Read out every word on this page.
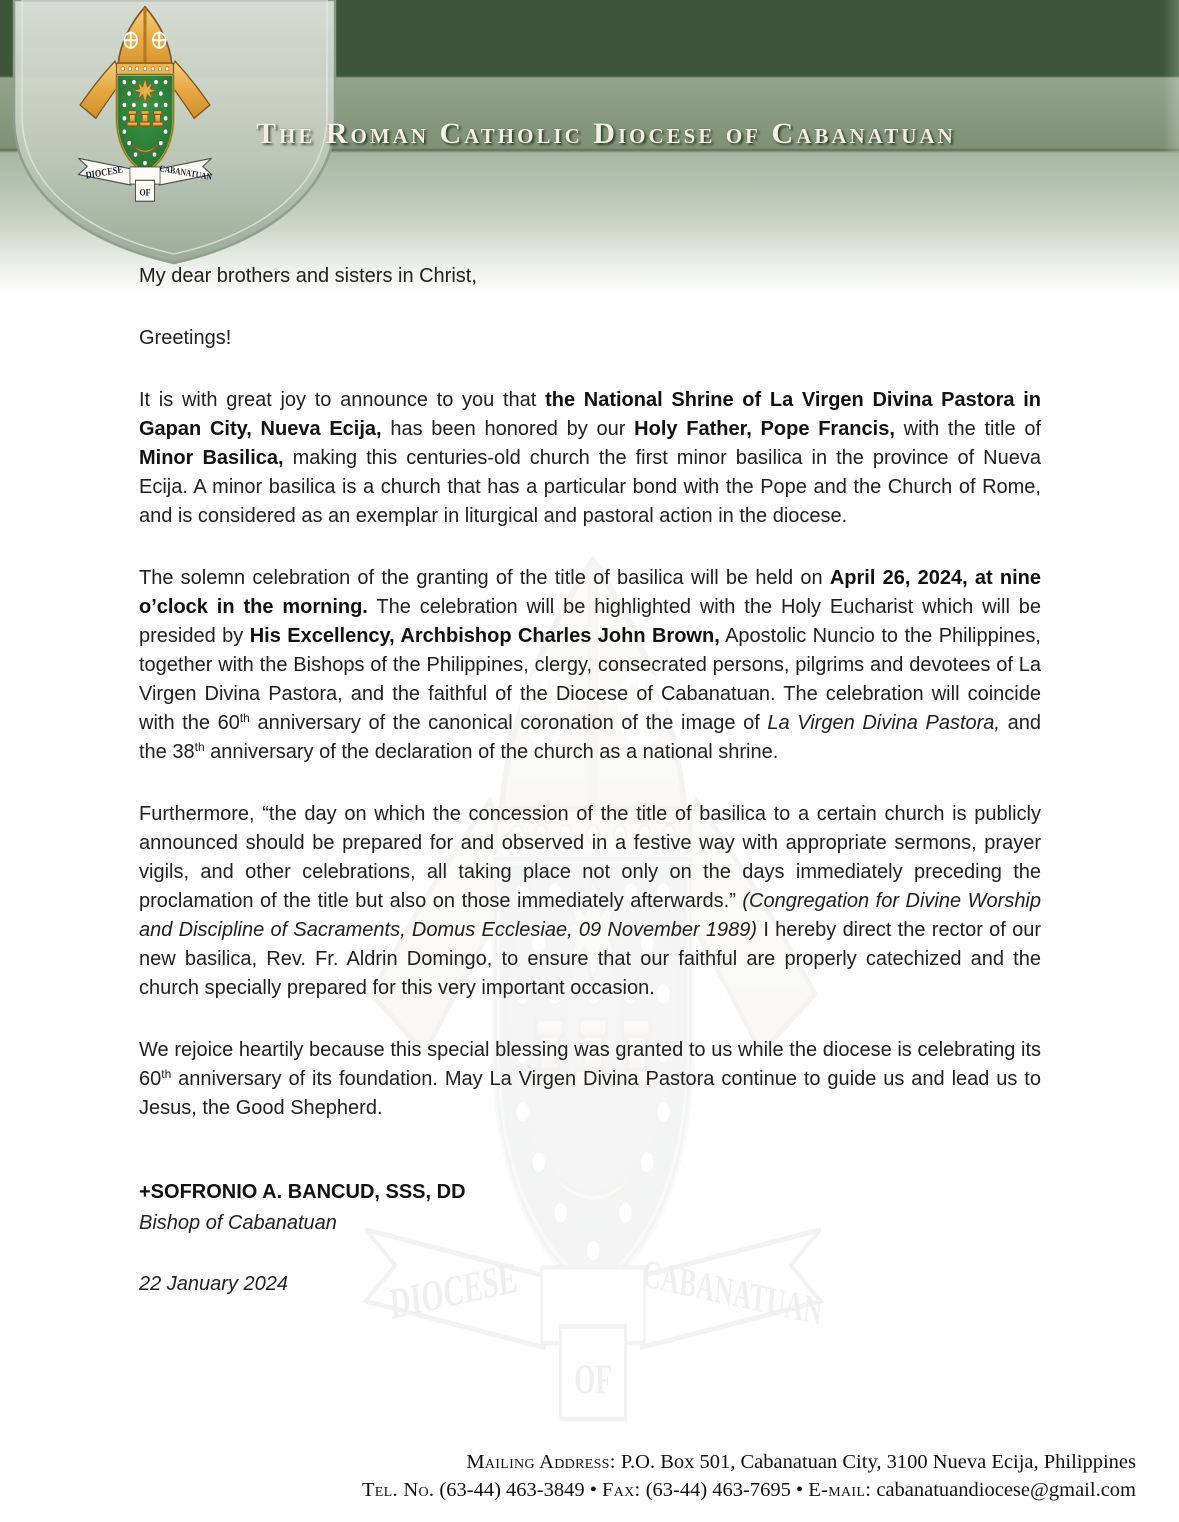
The Roman Catholic Diocese of Cabanatuan

My dear brothers and sisters in Christ,

Greetings!

It is with great joy to announce to you that the National Shrine of La Virgen Divina Pastora in Gapan City, Nueva Ecija, has been honored by our Holy Father, Pope Francis, with the title of Minor Basilica, making this centuries-old church the first minor basilica in the province of Nueva Ecija. A minor basilica is a church that has a particular bond with the Pope and the Church of Rome, and is considered as an exemplar in liturgical and pastoral action in the diocese.

The solemn celebration of the granting of the title of basilica will be held on April 26, 2024, at nine o’clock in the morning. The celebration will be highlighted with the Holy Eucharist which will be presided by His Excellency, Archbishop Charles John Brown, Apostolic Nuncio to the Philippines, together with the Bishops of the Philippines, clergy, consecrated persons, pilgrims and devotees of La Virgen Divina Pastora, and the faithful of the Diocese of Cabanatuan. The celebration will coincide with the 60th anniversary of the canonical coronation of the image of La Virgen Divina Pastora, and the 38th anniversary of the declaration of the church as a national shrine.

Furthermore, “the day on which the concession of the title of basilica to a certain church is publicly announced should be prepared for and observed in a festive way with appropriate sermons, prayer vigils, and other celebrations, all taking place not only on the days immediately preceding the proclamation of the title but also on those immediately afterwards.” (Congregation for Divine Worship and Discipline of Sacraments, Domus Ecclesiae, 09 November 1989) I hereby direct the rector of our new basilica, Rev. Fr. Aldrin Domingo, to ensure that our faithful are properly catechized and the church specially prepared for this very important occasion.

We rejoice heartily because this special blessing was granted to us while the diocese is celebrating its 60th anniversary of its foundation. May La Virgen Divina Pastora continue to guide us and lead us to Jesus, the Good Shepherd.

+SOFRONIO A. BANCUD, SSS, DD

Bishop of Cabanatuan

22 January 2024

Mailing Address: P.O. Box 501, Cabanatuan City, 3100 Nueva Ecija, Philippines

Tel. No. (63-44) 463-3849 • Fax: (63-44) 463-7695 • E-mail: cabanatuandiocese@gmail.com
